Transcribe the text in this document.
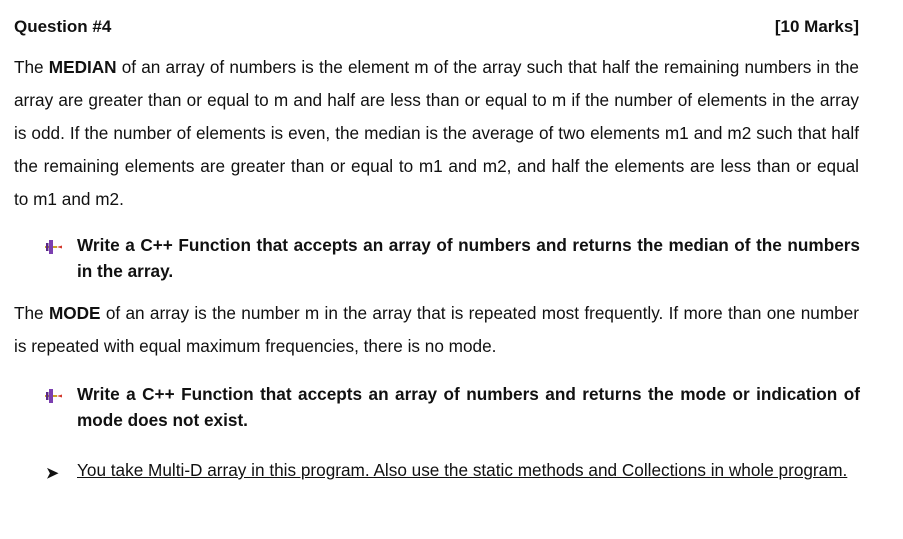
Question #4	[10 Marks]

The MEDIAN of an array of numbers is the element m of the array such that half the remaining numbers in the array are greater than or equal to m and half are less than or equal to m if the number of elements in the array is odd. If the number of elements is even, the median is the average of two elements m1 and m2 such that half the remaining elements are greater than or equal to m1 and m2, and half the elements are less than or equal to m1 and m2.

Write a C++ Function that accepts an array of numbers and returns the median of the numbers in the array.

The MODE of an array is the number m in the array that is repeated most frequently. If more than one number is repeated with equal maximum frequencies, there is no mode.

Write a C++ Function that accepts an array of numbers and returns the mode or indication of mode does not exist.
➤ You take Multi-D array in this program. Also use the static methods and Collections in whole program.
